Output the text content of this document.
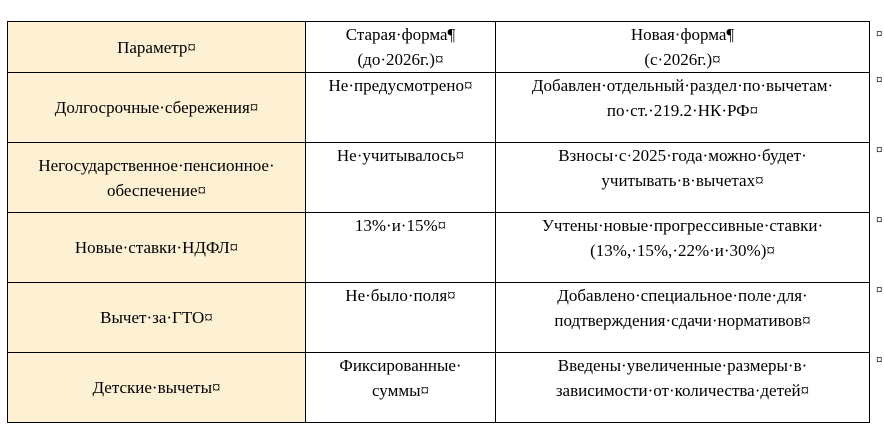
Параметр¤	Старая·форма¶
(до·2026г.)¤	Новая·форма¶
(с·2026г.)¤

Долгосрочные·сбережения¤	Не·предусмотрено¤	Добавлен·отдельный·раздел·по·вычетам·
по·ст.·219.2·НК·РФ¤

Негосударственное·пенсионное·
обеспечение¤	Не·учитывалось¤	Взносы·с·2025·года·можно·будет·
учитывать·в·вычетах¤

Новые·ставки·НДФЛ¤	13%·и·15%¤	Учтены·новые·прогрессивные·ставки·
(13%,·15%,·22%·и·30%)¤

Вычет·за·ГТО¤	Не·было·поля¤	Добавлено·специальное·поле·для·
подтверждения·сдачи·нормативов¤

Детские·вычеты¤	Фиксированные·
суммы¤	Введены·увеличенные·размеры·в·
зависимости·от·количества·детей¤
¤
¤
¤
¤
¤
¤
